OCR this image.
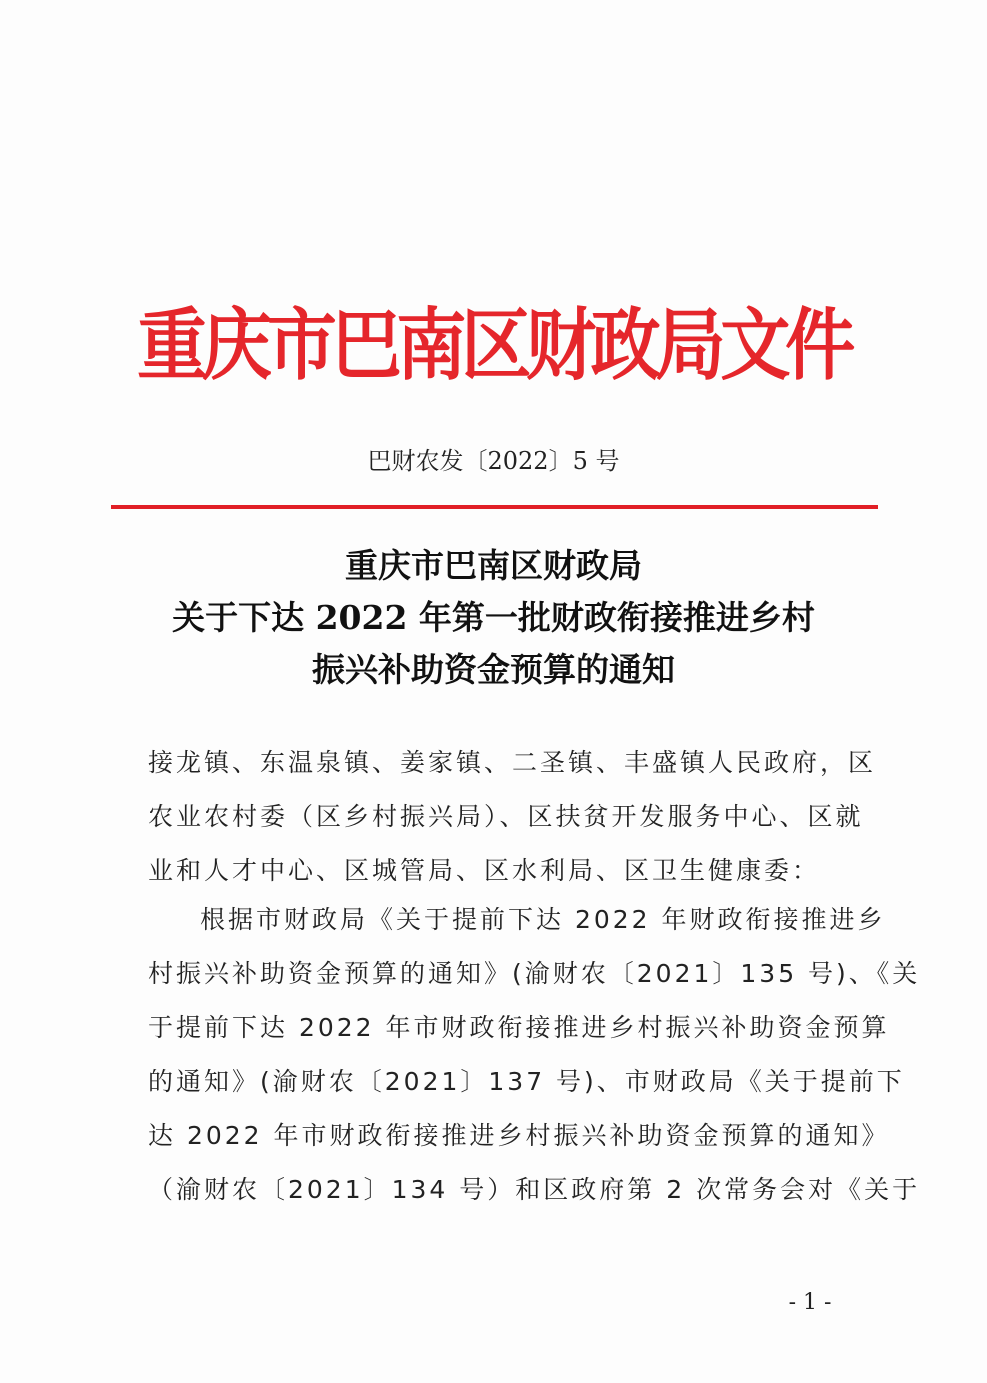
重庆市巴南区财政局文件
巴财农发〔2022〕5 号
重庆市巴南区财政局
关于下达 2022 年第一批财政衔接推进乡村
振兴补助资金预算的通知
接龙镇、东温泉镇、姜家镇、二圣镇、丰盛镇人民政府，区
农业农村委（区乡村振兴局）、区扶贫开发服务中心、区就
业和人才中心、区城管局、区水利局、区卫生健康委：
根据市财政局《关于提前下达 2022 年财政衔接推进乡
村振兴补助资金预算的通知》(渝财农〔2021〕135 号)、《关
于提前下达 2022 年市财政衔接推进乡村振兴补助资金预算
的通知》(渝财农〔2021〕137 号)、市财政局《关于提前下
达 2022 年市财政衔接推进乡村振兴补助资金预算的通知》
（渝财农〔2021〕134 号）和区政府第 2 次常务会对《关于
- 1 -
